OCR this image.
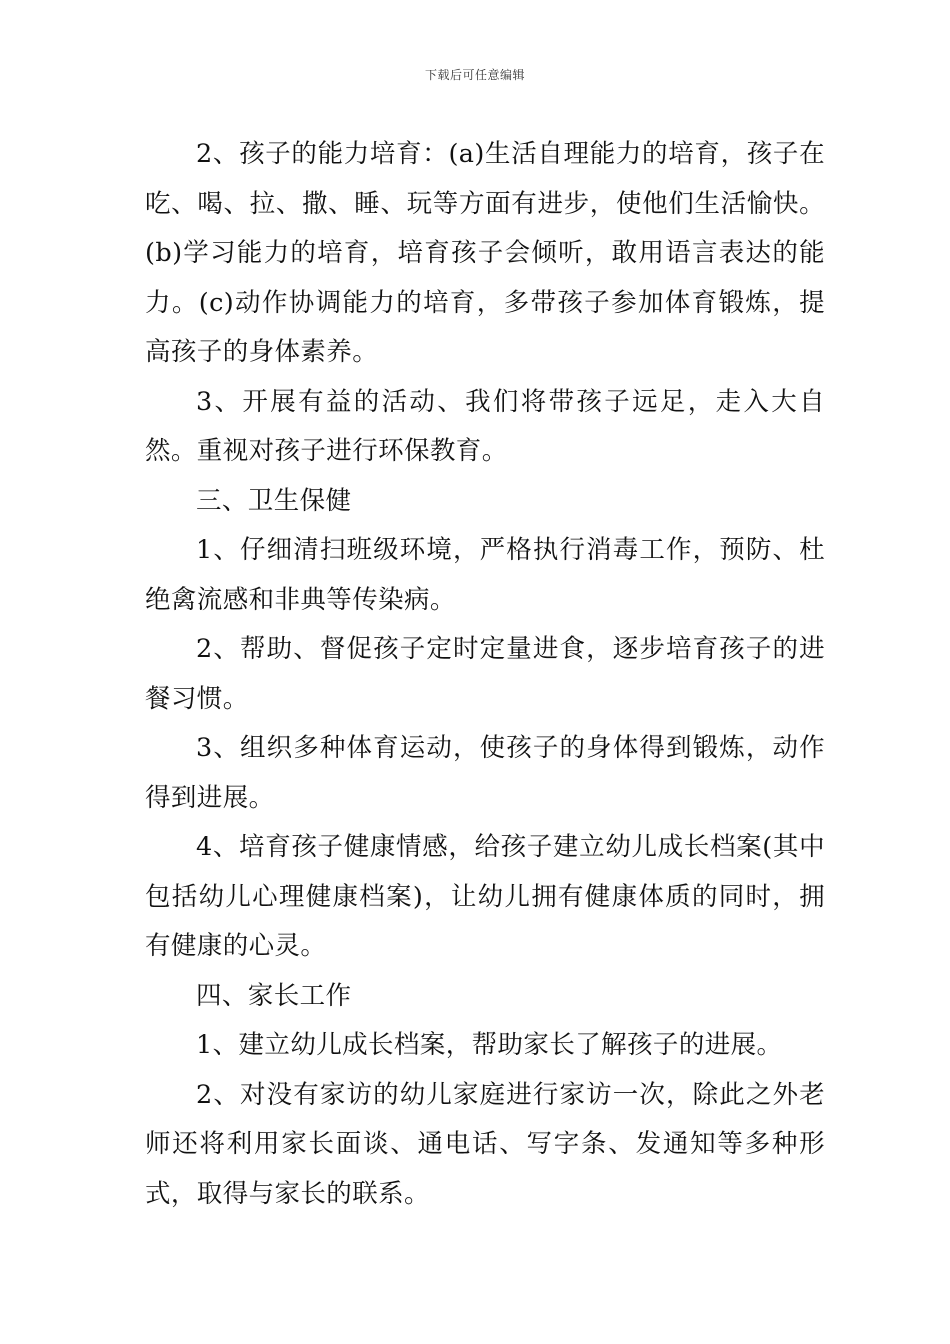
下载后可任意编辑

2、孩子的能力培育：(a)生活自理能力的培育，孩子在吃、喝、拉、撒、睡、玩等方面有进步，使他们生活愉快。(b)学习能力的培育，培育孩子会倾听，敢用语言表达的能力。(c)动作协调能力的培育，多带孩子参加体育锻炼，提高孩子的身体素养。

3、开展有益的活动、我们将带孩子远足，走入大自然。重视对孩子进行环保教育。

三、卫生保健

1、仔细清扫班级环境，严格执行消毒工作，预防、杜绝禽流感和非典等传染病。

2、帮助、督促孩子定时定量进食，逐步培育孩子的进餐习惯。

3、组织多种体育运动，使孩子的身体得到锻炼，动作得到进展。

4、培育孩子健康情感，给孩子建立幼儿成长档案(其中包括幼儿心理健康档案)，让幼儿拥有健康体质的同时，拥有健康的心灵。

四、家长工作

1、建立幼儿成长档案，帮助家长了解孩子的进展。

2、对没有家访的幼儿家庭进行家访一次，除此之外老师还将利用家长面谈、通电话、写字条、发通知等多种形式，取得与家长的联系。
